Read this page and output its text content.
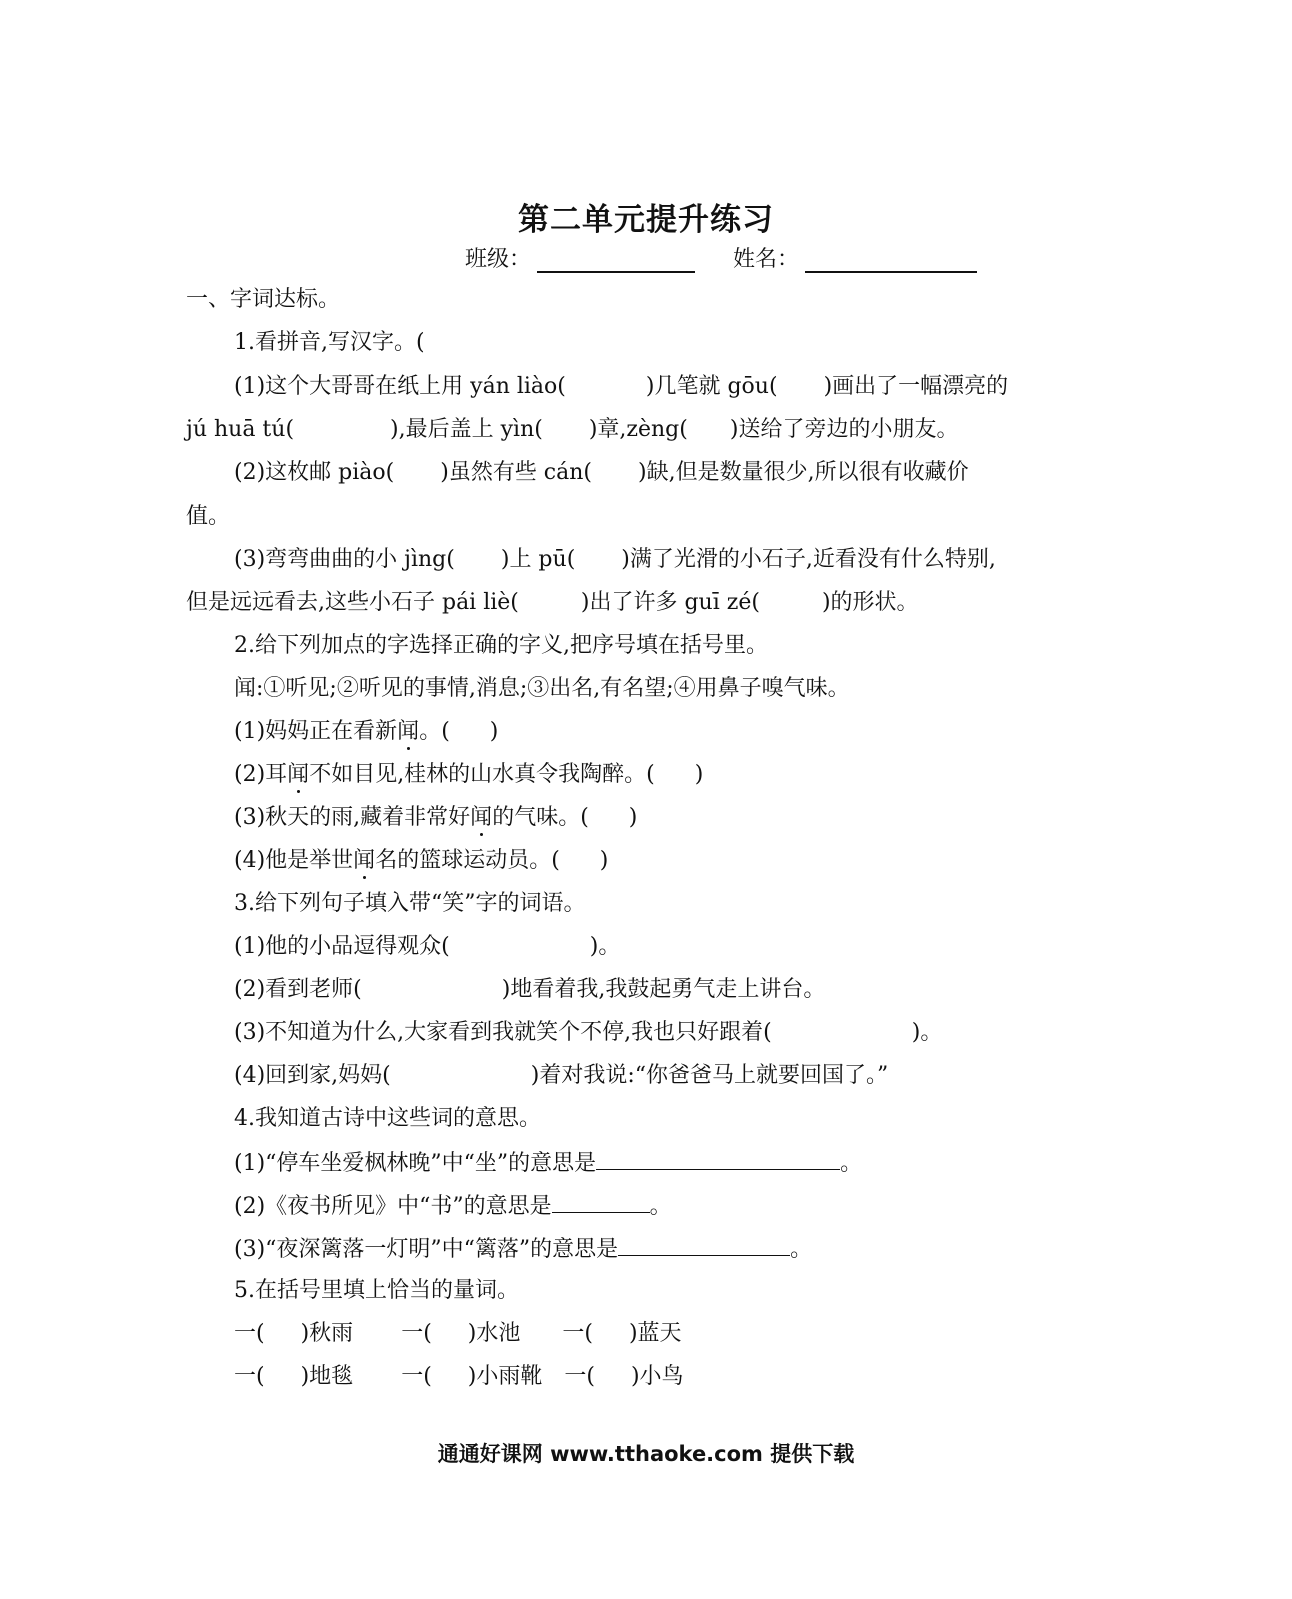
第二单元提升练习
班级：	姓名：
一、字词达标。
1.看拼音,写汉字。(
(1)这个大哥哥在纸上用 yán liào(	)几笔就 gōu( )画出了一幅漂亮的
jú huā tú(	),最后盖上 yìn( )章,zèng( )送给了旁边的小朋友。
(2)这枚邮 piào( )虽然有些 cán( )缺,但是数量很少,所以很有收藏价
值。
(3)弯弯曲曲的小 jìng( )上 pū( )满了光滑的小石子,近看没有什么特别,
但是远远看去,这些小石子 pái liè(	)出了许多 guī zé(	)的形状。
2.给下列加点的字选择正确的字义,把序号填在括号里。
闻:①听见;②听见的事情,消息;③出名,有名望;④用鼻子嗅气味。
(1)妈妈正在看新闻。( )
(2)耳闻不如目见,桂林的山水真令我陶醉。( )
(3)秋天的雨,藏着非常好闻的气味。( )
(4)他是举世闻名的篮球运动员。( )
3.给下列句子填入带“笑”字的词语。
(1)他的小品逗得观众(	)。
(2)看到老师(	)地看着我,我鼓起勇气走上讲台。
(3)不知道为什么,大家看到我就笑个不停,我也只好跟着(	)。
(4)回到家,妈妈(	)着对我说:“你爸爸马上就要回国了。”
4.我知道古诗中这些词的意思。
(1)“停车坐爱枫林晚”中“坐”的意思是	。
(2)《夜书所见》中“书”的意思是	。
(3)“夜深篱落一灯明”中“篱落”的意思是	。
5.在括号里填上恰当的量词。
一( )秋雨 一( )水池 一( )蓝天
一( )地毯 一( )小雨靴 一( )小鸟
通通好课网 www.tthaoke.com 提供下载
